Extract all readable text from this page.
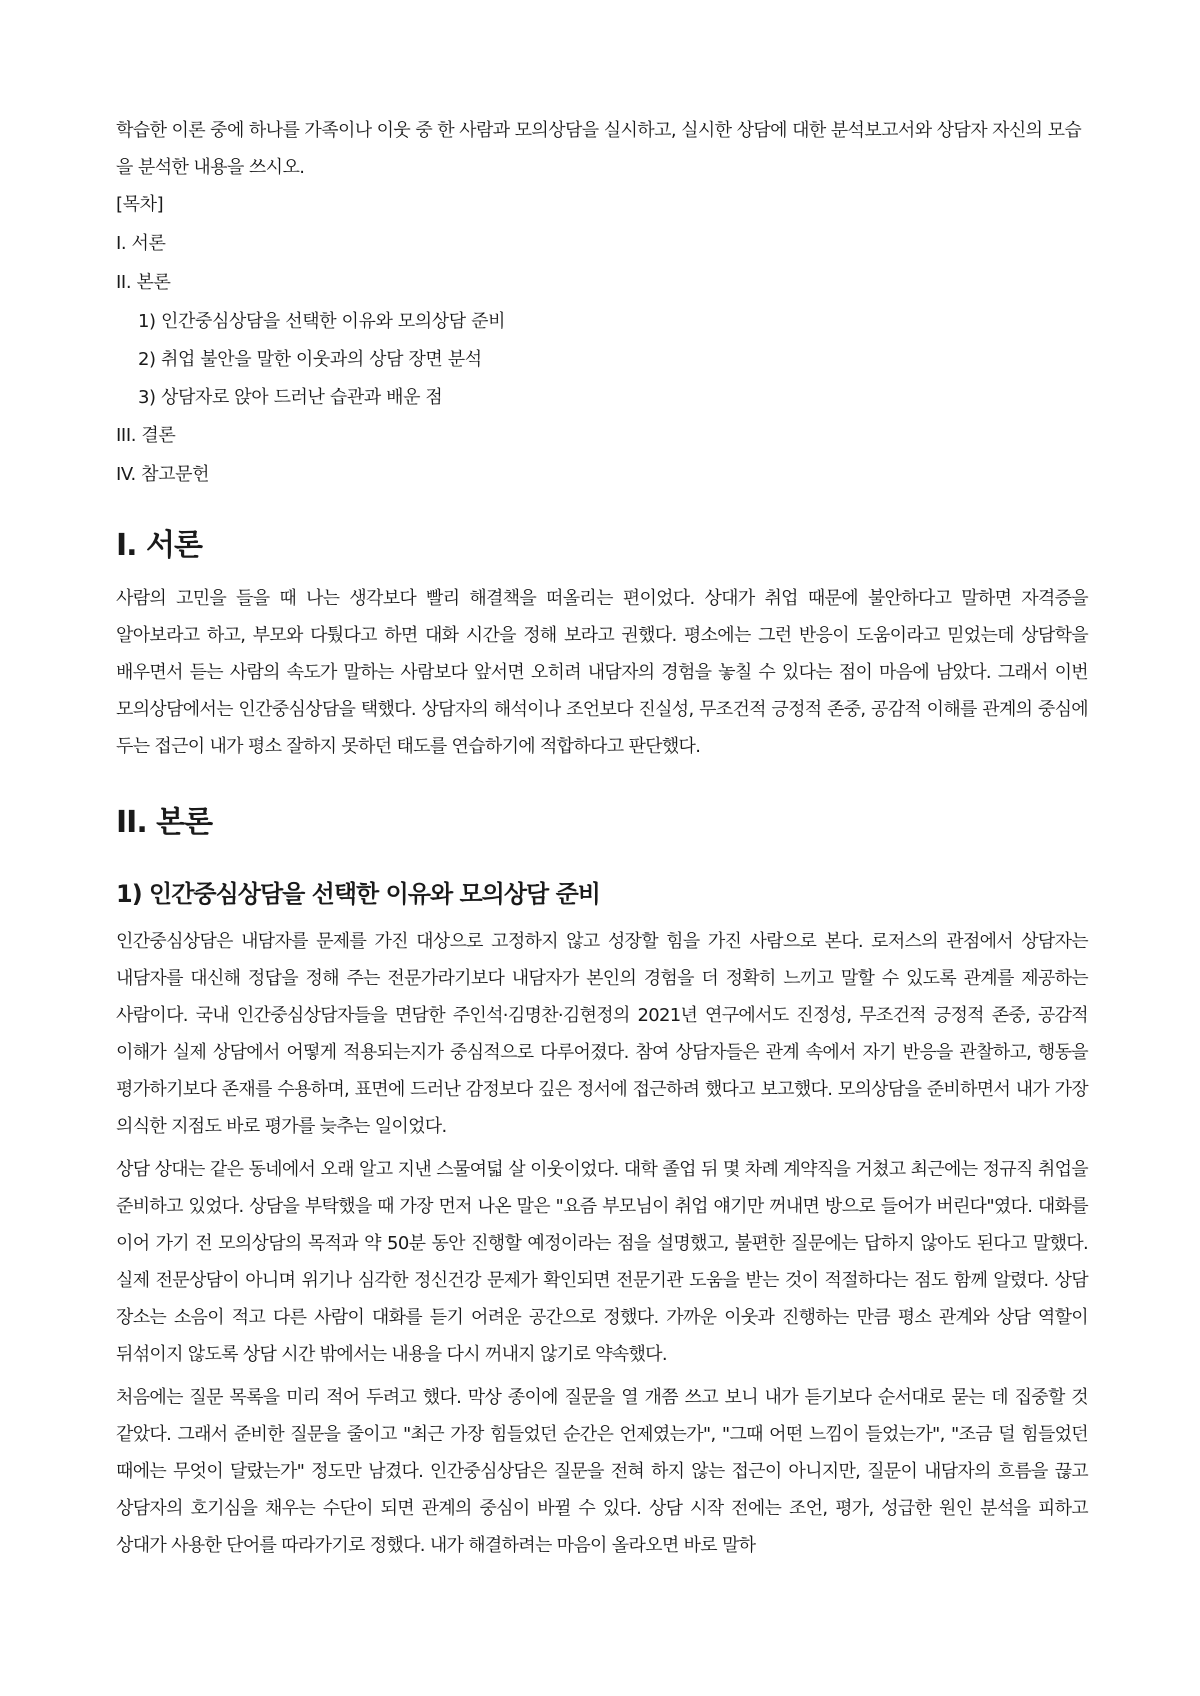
학습한 이론 중에 하나를 가족이나 이웃 중 한 사람과 모의상담을 실시하고, 실시한 상담에 대한 분석보고서와 상담자 자신의 모습을 분석한 내용을 쓰시오.

[목차]
I. 서론
II. 본론
1) 인간중심상담을 선택한 이유와 모의상담 준비
2) 취업 불안을 말한 이웃과의 상담 장면 분석
3) 상담자로 앉아 드러난 습관과 배운 점
III. 결론
IV. 참고문헌
I. 서론

사람의 고민을 들을 때 나는 생각보다 빨리 해결책을 떠올리는 편이었다. 상대가 취업 때문에 불안하다고 말하면 자격증을 알아보라고 하고, 부모와 다퉜다고 하면 대화 시간을 정해 보라고 권했다. 평소에는 그런 반응이 도움이라고 믿었는데 상담학을 배우면서 듣는 사람의 속도가 말하는 사람보다 앞서면 오히려 내담자의 경험을 놓칠 수 있다는 점이 마음에 남았다. 그래서 이번 모의상담에서는 인간중심상담을 택했다. 상담자의 해석이나 조언보다 진실성, 무조건적 긍정적 존중, 공감적 이해를 관계의 중심에 두는 접근이 내가 평소 잘하지 못하던 태도를 연습하기에 적합하다고 판단했다.

II. 본론
1) 인간중심상담을 선택한 이유와 모의상담 준비

인간중심상담은 내담자를 문제를 가진 대상으로 고정하지 않고 성장할 힘을 가진 사람으로 본다. 로저스의 관점에서 상담자는 내담자를 대신해 정답을 정해 주는 전문가라기보다 내담자가 본인의 경험을 더 정확히 느끼고 말할 수 있도록 관계를 제공하는 사람이다. 국내 인간중심상담자들을 면담한 주인석·김명찬·김현정의 2021년 연구에서도 진정성, 무조건적 긍정적 존중, 공감적 이해가 실제 상담에서 어떻게 적용되는지가 중심적으로 다루어졌다. 참여 상담자들은 관계 속에서 자기 반응을 관찰하고, 행동을 평가하기보다 존재를 수용하며, 표면에 드러난 감정보다 깊은 정서에 접근하려 했다고 보고했다. 모의상담을 준비하면서 내가 가장 의식한 지점도 바로 평가를 늦추는 일이었다.

상담 상대는 같은 동네에서 오래 알고 지낸 스물여덟 살 이웃이었다. 대학 졸업 뒤 몇 차례 계약직을 거쳤고 최근에는 정규직 취업을 준비하고 있었다. 상담을 부탁했을 때 가장 먼저 나온 말은 "요즘 부모님이 취업 얘기만 꺼내면 방으로 들어가 버린다"였다. 대화를 이어 가기 전 모의상담의 목적과 약 50분 동안 진행할 예정이라는 점을 설명했고, 불편한 질문에는 답하지 않아도 된다고 말했다. 실제 전문상담이 아니며 위기나 심각한 정신건강 문제가 확인되면 전문기관 도움을 받는 것이 적절하다는 점도 함께 알렸다. 상담 장소는 소음이 적고 다른 사람이 대화를 듣기 어려운 공간으로 정했다. 가까운 이웃과 진행하는 만큼 평소 관계와 상담 역할이 뒤섞이지 않도록 상담 시간 밖에서는 내용을 다시 꺼내지 않기로 약속했다.

처음에는 질문 목록을 미리 적어 두려고 했다. 막상 종이에 질문을 열 개쯤 쓰고 보니 내가 듣기보다 순서대로 묻는 데 집중할 것 같았다. 그래서 준비한 질문을 줄이고 "최근 가장 힘들었던 순간은 언제였는가", "그때 어떤 느낌이 들었는가", "조금 덜 힘들었던 때에는 무엇이 달랐는가" 정도만 남겼다. 인간중심상담은 질문을 전혀 하지 않는 접근이 아니지만, 질문이 내담자의 흐름을 끊고 상담자의 호기심을 채우는 수단이 되면 관계의 중심이 바뀔 수 있다. 상담 시작 전에는 조언, 평가, 성급한 원인 분석을 피하고 상대가 사용한 단어를 따라가기로 정했다. 내가 해결하려는 마음이 올라오면 바로 말하
